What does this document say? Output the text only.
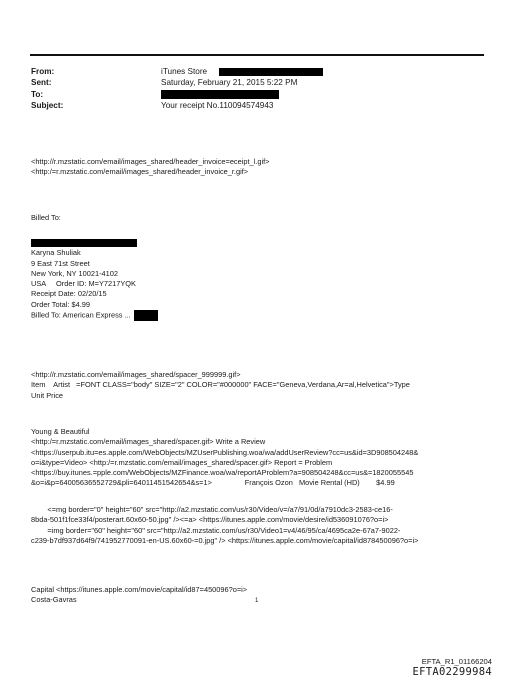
From:	iTunes Store
Sent:	Saturday, February 21, 2015 5:22 PM
To:
Subject:	Your receipt No.110094574943
<http://r.mzstatic.com/email/images_shared/header_invoice=eceipt_l.gif>
<http:/=r.mzstatic.com/email/images_shared/header_invoice_r.gif>
Billed To:
Karyna Shuliak
9 East 71st Street
New York, NY 10021-4102
USA     Order ID: M=Y7217YQK
Receipt Date: 02/20/15
Order Total: $4.99
Billed To: American Express ...
<http://r.mzstatic.com/email/images_shared/spacer_999999.gif>
Item    Artist   =FONT CLASS="body" SIZE="2" COLOR="#000000" FACE="Geneva,Verdana,Ar=al,Helvetica">Type
Unit Price
Young & Beautiful
<http:/=r.mzstatic.com/email/images_shared/spacer.gif> Write a Review
<https://userpub.itu=es.apple.com/WebObjects/MZUserPublishing.woa/wa/addUserReview?cc=us&id=3D908504248&
o=i&type=Video> <http:/=r.mzstatic.com/email/images_shared/spacer.gif> Report = Problem
<https://buy.itunes.=pple.com/WebObjects/MZFinance.woa/wa/reportAProblem?a=908504248&cc=us&=1820055545
&o=i&p=64005636552729&pli=64011451542654&s=1>                François Ozon   Movie Rental (HD)        $4.99
<=mg border="0" height="60" src="http://a2.mzstatic.com/us/r30/Video/v=/a7/91/0d/a7910dc3-2583-ce16-
8bda-501f1fce33f4/posterart.60x60-50.jpg" /><=a> <https://itunes.apple.com/movie/desire/id536091076?o=i>
=img border="60" height="60" src="http://a2.mzstatic.com/us/r30/Video1=v4/46/95/ca/4695ca2e-67a7-9022-
c239-b7df937d64f9/741952770091-en-US.60x60-=0.jpg" /> <https://itunes.apple.com/movie/capital/id878450096?o=i>
Capital <https://itunes.apple.com/movie/capital/id87=450096?o=i>
Costa-Gavras	1
EFTA_R1_01166204
EFTA02299984
